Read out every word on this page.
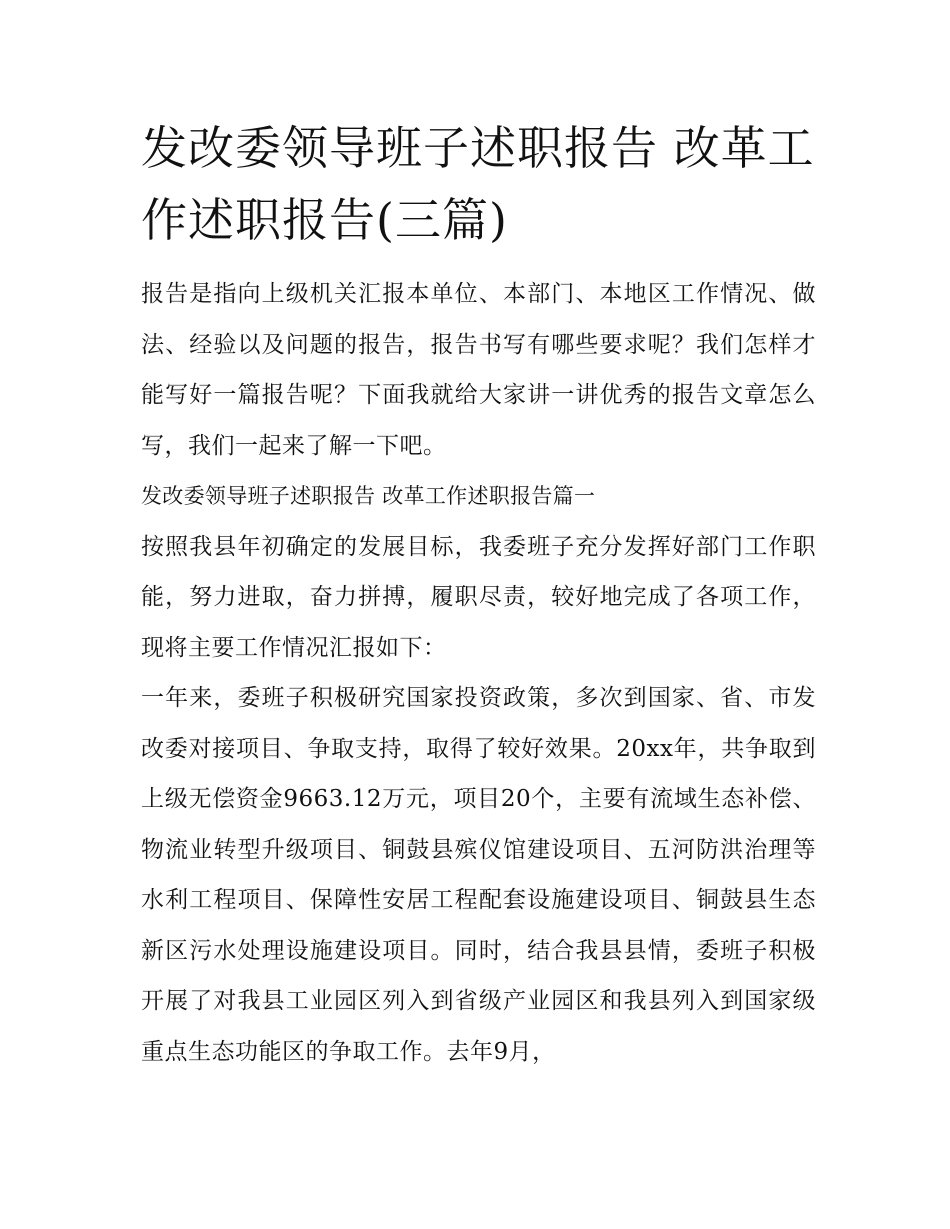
发改委领导班子述职报告 改革工作述职报告(三篇)

报告是指向上级机关汇报本单位、本部门、本地区工作情况、做法、经验以及问题的报告，报告书写有哪些要求呢？我们怎样才能写好一篇报告呢？下面我就给大家讲一讲优秀的报告文章怎么写，我们一起来了解一下吧。

发改委领导班子述职报告 改革工作述职报告篇一

按照我县年初确定的发展目标，我委班子充分发挥好部门工作职能，努力进取，奋力拼搏，履职尽责，较好地完成了各项工作，现将主要工作情况汇报如下：

一年来，委班子积极研究国家投资政策，多次到国家、省、市发改委对接项目、争取支持，取得了较好效果。20xx年，共争取到上级无偿资金9663.12万元，项目20个，主要有流域生态补偿、物流业转型升级项目、铜鼓县殡仪馆建设项目、五河防洪治理等水利工程项目、保障性安居工程配套设施建设项目、铜鼓县生态新区污水处理设施建设项目。同时，结合我县县情，委班子积极开展了对我县工业园区列入到省级产业园区和我县列入到国家级重点生态功能区的争取工作。去年9月，
